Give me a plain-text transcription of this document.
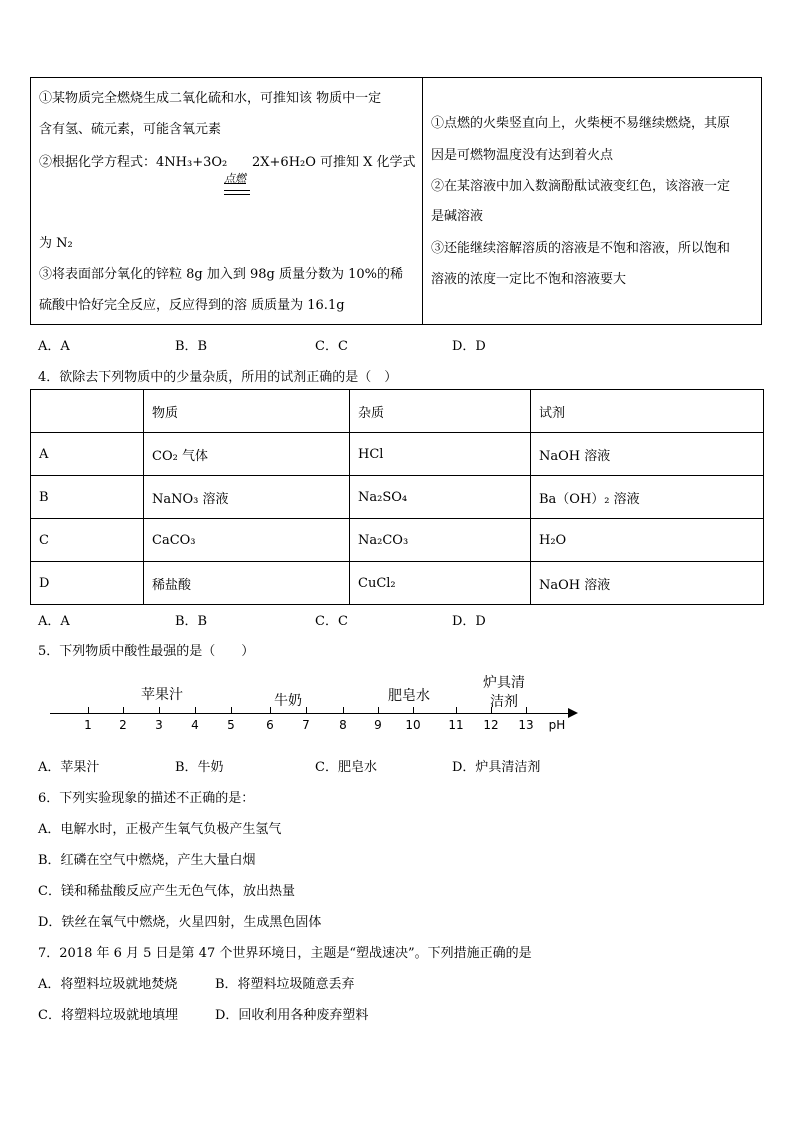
①某物质完全燃烧生成二氧化硫和水，可推知该 物质中一定
含有氢、硫元素，可能含氧元素
②根据化学方程式：4NH₃+3O₂ 2X+6H₂O 可推知 X 化学式
点燃
为 N₂
③将表面部分氧化的锌粒 8g 加入到 98g 质量分数为 10%的稀
硫酸中恰好完全反应，反应得到的溶 质质量为 16.1g
①点燃的火柴竖直向上，火柴梗不易继续燃烧，其原
因是可燃物温度没有达到着火点
②在某溶液中加入数滴酚酞试液变红色，该溶液一定
是碱溶液
③还能继续溶解溶质的溶液是不饱和溶液，所以饱和
溶液的浓度一定比不饱和溶液要大
A．A	B．B	C．C	D．D
4．欲除去下列物质中的少量杂质，所用的试剂正确的是（　）
	物质	杂质	试剂
A	CO₂ 气体	HCl	NaOH 溶液
B	NaNO₃ 溶液	Na₂SO₄	Ba（OH）₂ 溶液
C	CaCO₃	Na₂CO₃	H₂O
D	稀盐酸	CuCl₂	NaOH 溶液
A．A	B．B	C．C	D．D
5．下列物质中酸性最强的是（　　）
苹果汁	牛奶	肥皂水
炉具清
洁剂
1	2	3	4	5	6	7	8	9	10 11 12 13	pH
A．苹果汁	B．牛奶	C．肥皂水	D．炉具清洁剂
6．下列实验现象的描述不正确的是：
A．电解水时，正极产生氧气负极产生氢气
B．红磷在空气中燃烧，产生大量白烟
C．镁和稀盐酸反应产生无色气体，放出热量
D．铁丝在氧气中燃烧，火星四射，生成黑色固体
7．2018 年 6 月 5 日是第 47 个世界环境日，主题是“塑战速决”。下列措施正确的是
A．将塑料垃圾就地焚烧	B．将塑料垃圾随意丢弃
C．将塑料垃圾就地填埋	D．回收利用各种废弃塑料
